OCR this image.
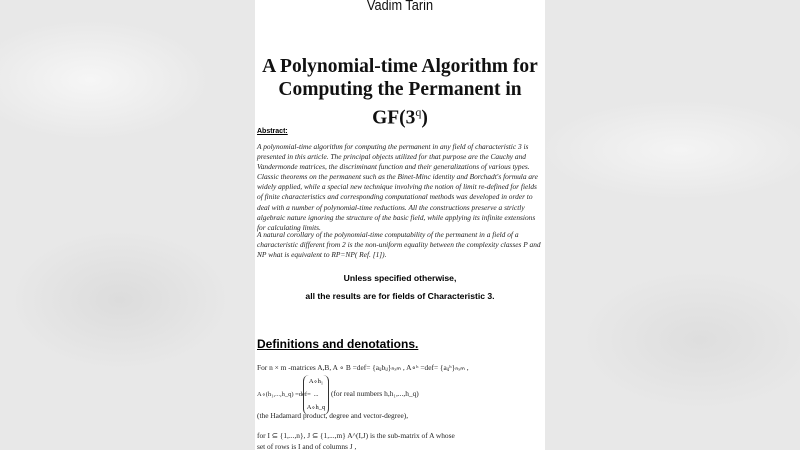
Vadim Tarin
A Polynomial-time Algorithm for
Computing the Permanent in GF(3$^q$)
Abstract:
A polynomial-time algorithm for computing the permanent in any field of characteristic 3 is presented in this article. The principal objects utilized for that purpose are the Cauchy and Vandermonde matrices, the discriminant function and their generalizations of various types. Classic theorems on the permanent such as the Binet-Minc identity and Borchadt's formula are widely applied, while a special new technique involving the notion of limit re-defined for fields of finite characteristics and corresponding computational methods was developed in order to deal with a number of polynomial-time reductions. All the constructions preserve a strictly algebraic nature ignoring the structure of the basic field, while applying its infinite extensions for calculating limits.
A natural corollary of the polynomial-time computability of the permanent in a field of a characteristic different from 2 is the non-uniform equality between the complexity classes P and NP what is equivalent to RP=NP( Ref. [1]).
Unless specified otherwise,
all the results are for fields of Characteristic 3.
Definitions and denotations.
For n × m -matrices A,B, A ∘ B =def= {aᵢⱼbᵢⱼ}ₙₓₘ , A∘ʰ =def= {aᵢⱼʰ}ₙₓₘ ,
A∘(h₁,...,h_q) =def=
A∘h₁
...
A∘h_q
(for real numbers h,h₁,...,h_q)
(the Hadamard product, degree and vector-degree),
for I ⊆ {1,...,n}, J ⊆ {1,...,m} A^(I,J) is the sub-matrix of A whose
set of rows is I and of columns J ,
